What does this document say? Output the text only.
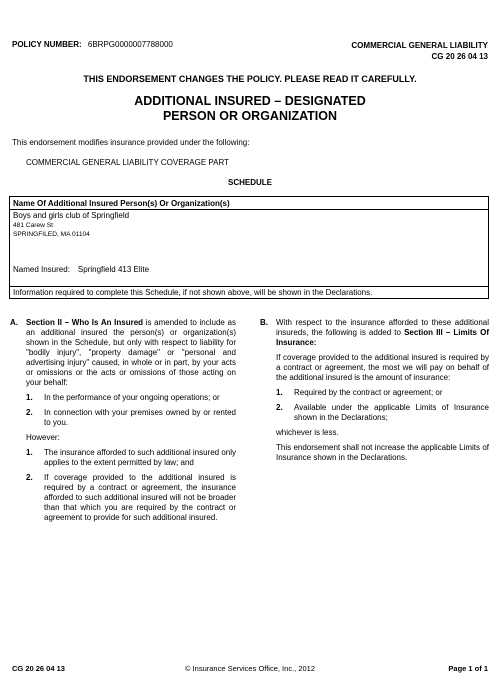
POLICY NUMBER: 6BRPG0000007788000	COMMERCIAL GENERAL LIABILITY
CG 20 26 04 13
THIS ENDORSEMENT CHANGES THE POLICY. PLEASE READ IT CAREFULLY.
ADDITIONAL INSURED – DESIGNATED
PERSON OR ORGANIZATION
This endorsement modifies insurance provided under the following:
COMMERCIAL GENERAL LIABILITY COVERAGE PART
SCHEDULE
Name Of Additional Insured Person(s) Or Organization(s)
Boys and girls club of Springfield
481 Carew St
SPRINGFILED, MA 01104
Named Insured: Springfield 413 Elite
Information required to complete this Schedule, if not shown above, will be shown in the Declarations.
A. Section II – Who Is An Insured is amended to include as an additional insured the person(s) or organization(s) shown in the Schedule, but only with respect to liability for "bodily injury", "property damage" or "personal and advertising injury" caused, in whole or in part, by your acts or omissions or the acts or omissions of those acting on your behalf:
1. In the performance of your ongoing operations; or
2. In connection with your premises owned by or rented to you.
However:
1. The insurance afforded to such additional insured only applies to the extent permitted by law; and
2. If coverage provided to the additional insured is required by a contract or agreement, the insurance afforded to such additional insured will not be broader than that which you are required by the contract or agreement to provide for such additional insured.
B. With respect to the insurance afforded to these additional insureds, the following is added to Section III – Limits Of Insurance:
If coverage provided to the additional insured is required by a contract or agreement, the most we will pay on behalf of the additional insured is the amount of insurance:
1. Required by the contract or agreement; or
2. Available under the applicable Limits of Insurance shown in the Declarations;
whichever is less.
This endorsement shall not increase the applicable Limits of Insurance shown in the Declarations.
CG 20 26 04 13	© Insurance Services Office, Inc., 2012	Page 1 of 1
